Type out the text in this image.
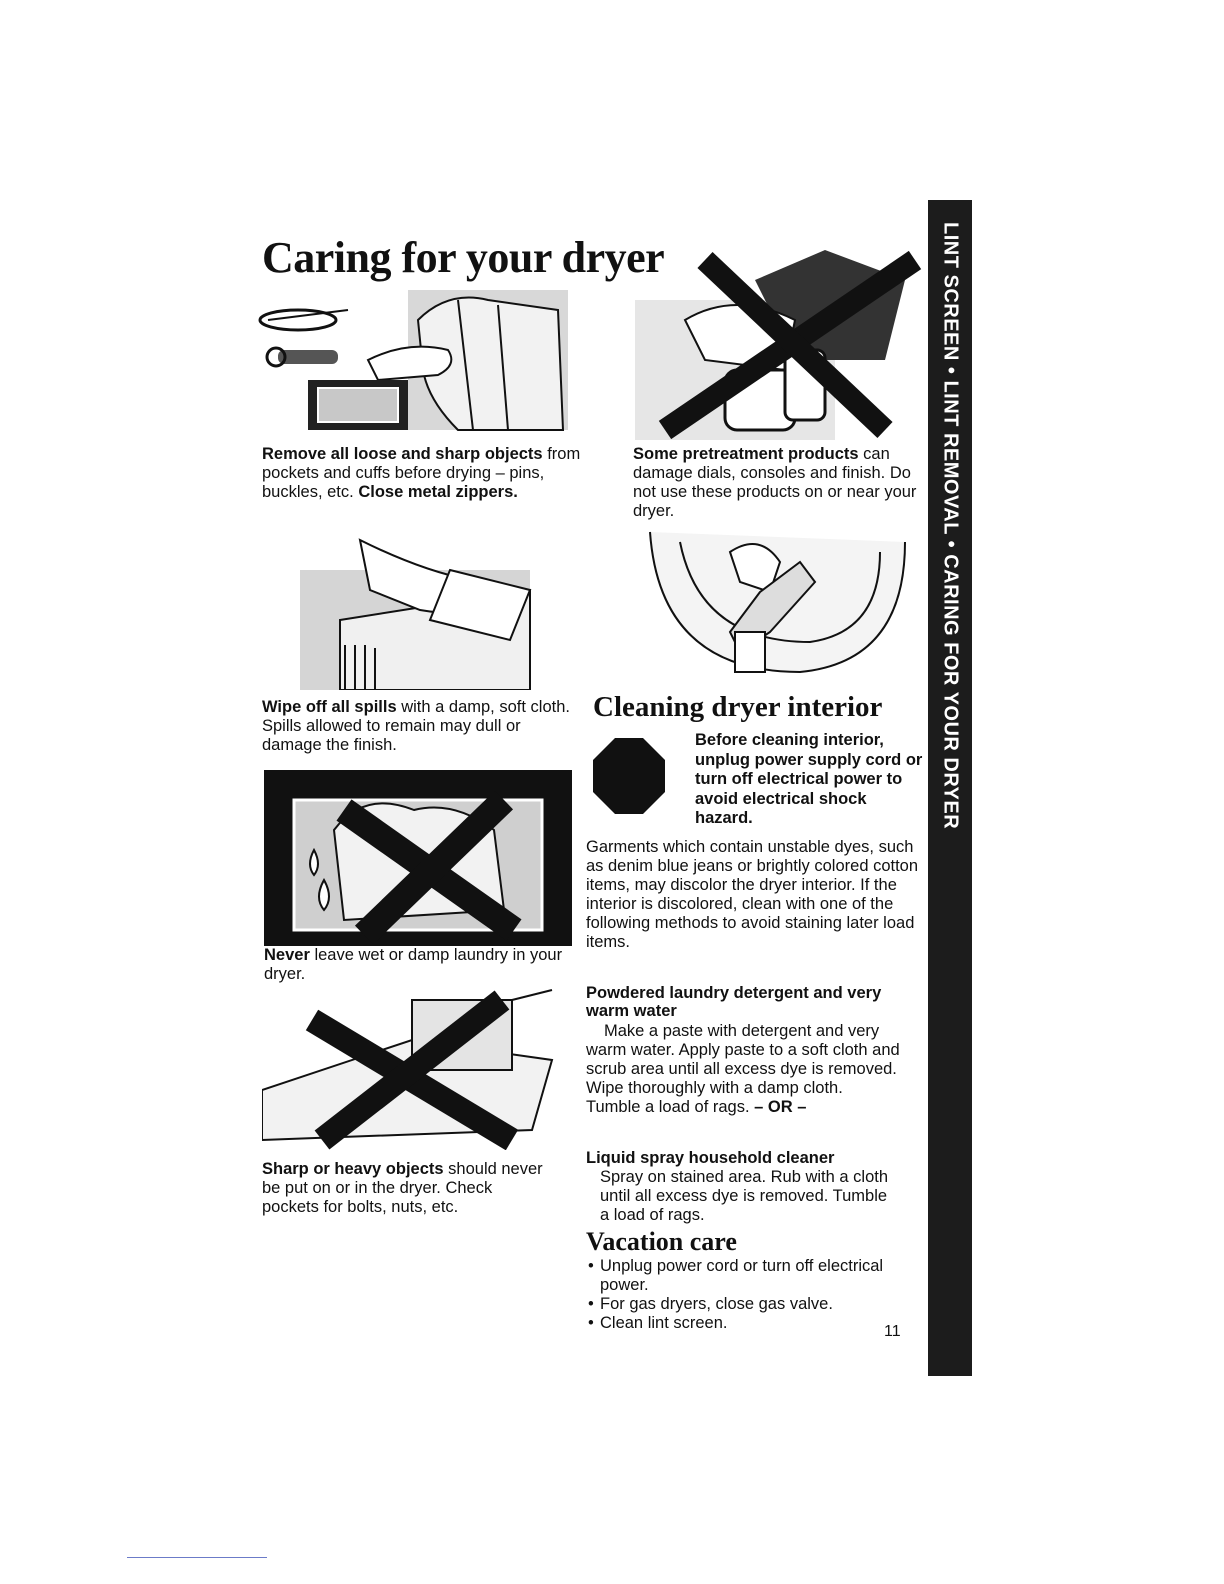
Caring for your dryer
Remove all loose and sharp objects from pockets and cuffs before drying – pins, buckles, etc. Close metal zippers.
Some pretreatment products can damage dials, consoles and finish. Do not use these products on or near your dryer.
Wipe off all spills with a damp, soft cloth. Spills allowed to remain may dull or damage the finish.
Cleaning dryer interior
Before cleaning interior, unplug power supply cord or turn off electrical power to avoid electrical shock hazard.
Garments which contain unstable dyes, such as denim blue jeans or brightly colored cotton items, may discolor the dryer interior. If the interior is discolored, clean with one of the following methods to avoid staining later load items.
Never leave wet or damp laundry in your dryer.
Powdered laundry detergent and very warm water
Make a paste with detergent and very warm water. Apply paste to a soft cloth and scrub area until all excess dye is removed. Wipe thoroughly with a damp cloth. Tumble a load of rags. – OR –
Sharp or heavy objects should never be put on or in the dryer. Check pockets for bolts, nuts, etc.
Liquid spray household cleaner
Spray on stained area. Rub with a cloth until all excess dye is removed. Tumble a load of rags.
Vacation care
• Unplug power cord or turn off electrical power.
• For gas dryers, close gas valve.
• Clean lint screen.	11
LINT SCREEN • LINT REMOVAL • CARING FOR YOUR DRYER
